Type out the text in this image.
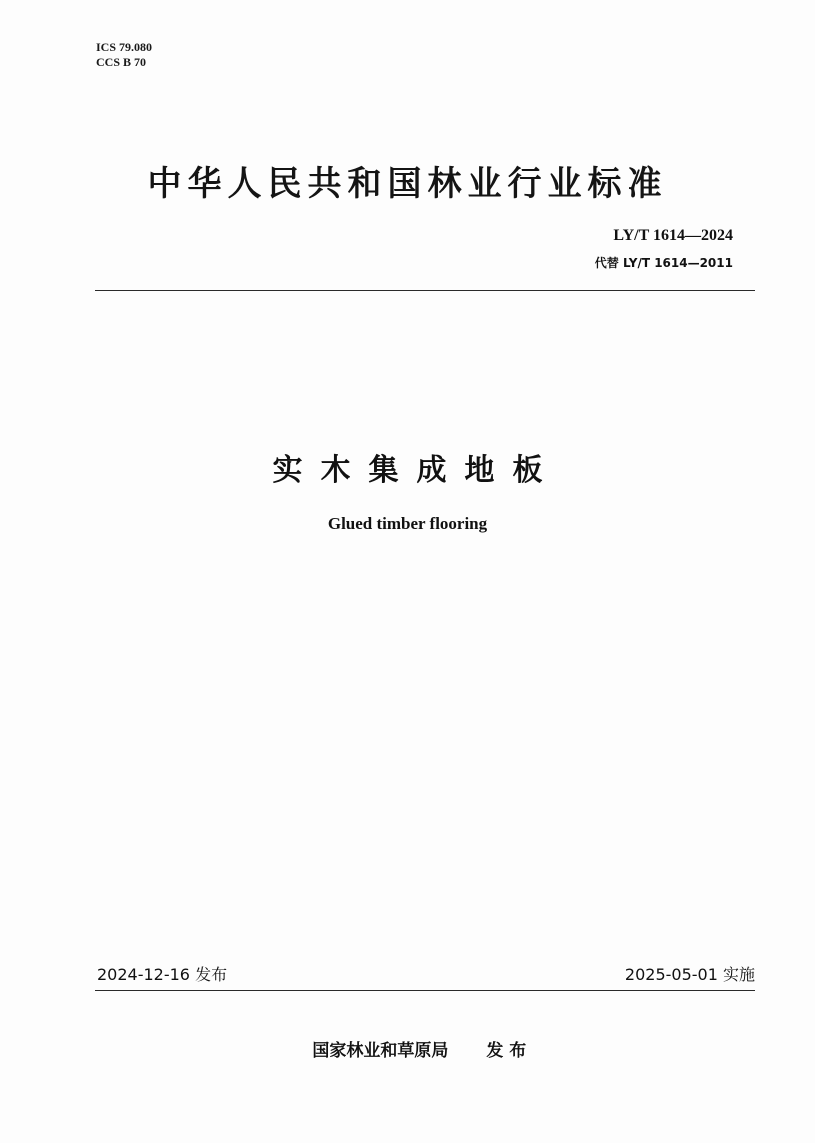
ICS 79.080
CCS B 70
中华人民共和国林业行业标准
LY/T 1614—2024
代替 LY/T 1614—2011
实木集成地板
Glued timber flooring
2024-12-16 发布	2025-05-01 实施

国家林业和草原局 发 布
